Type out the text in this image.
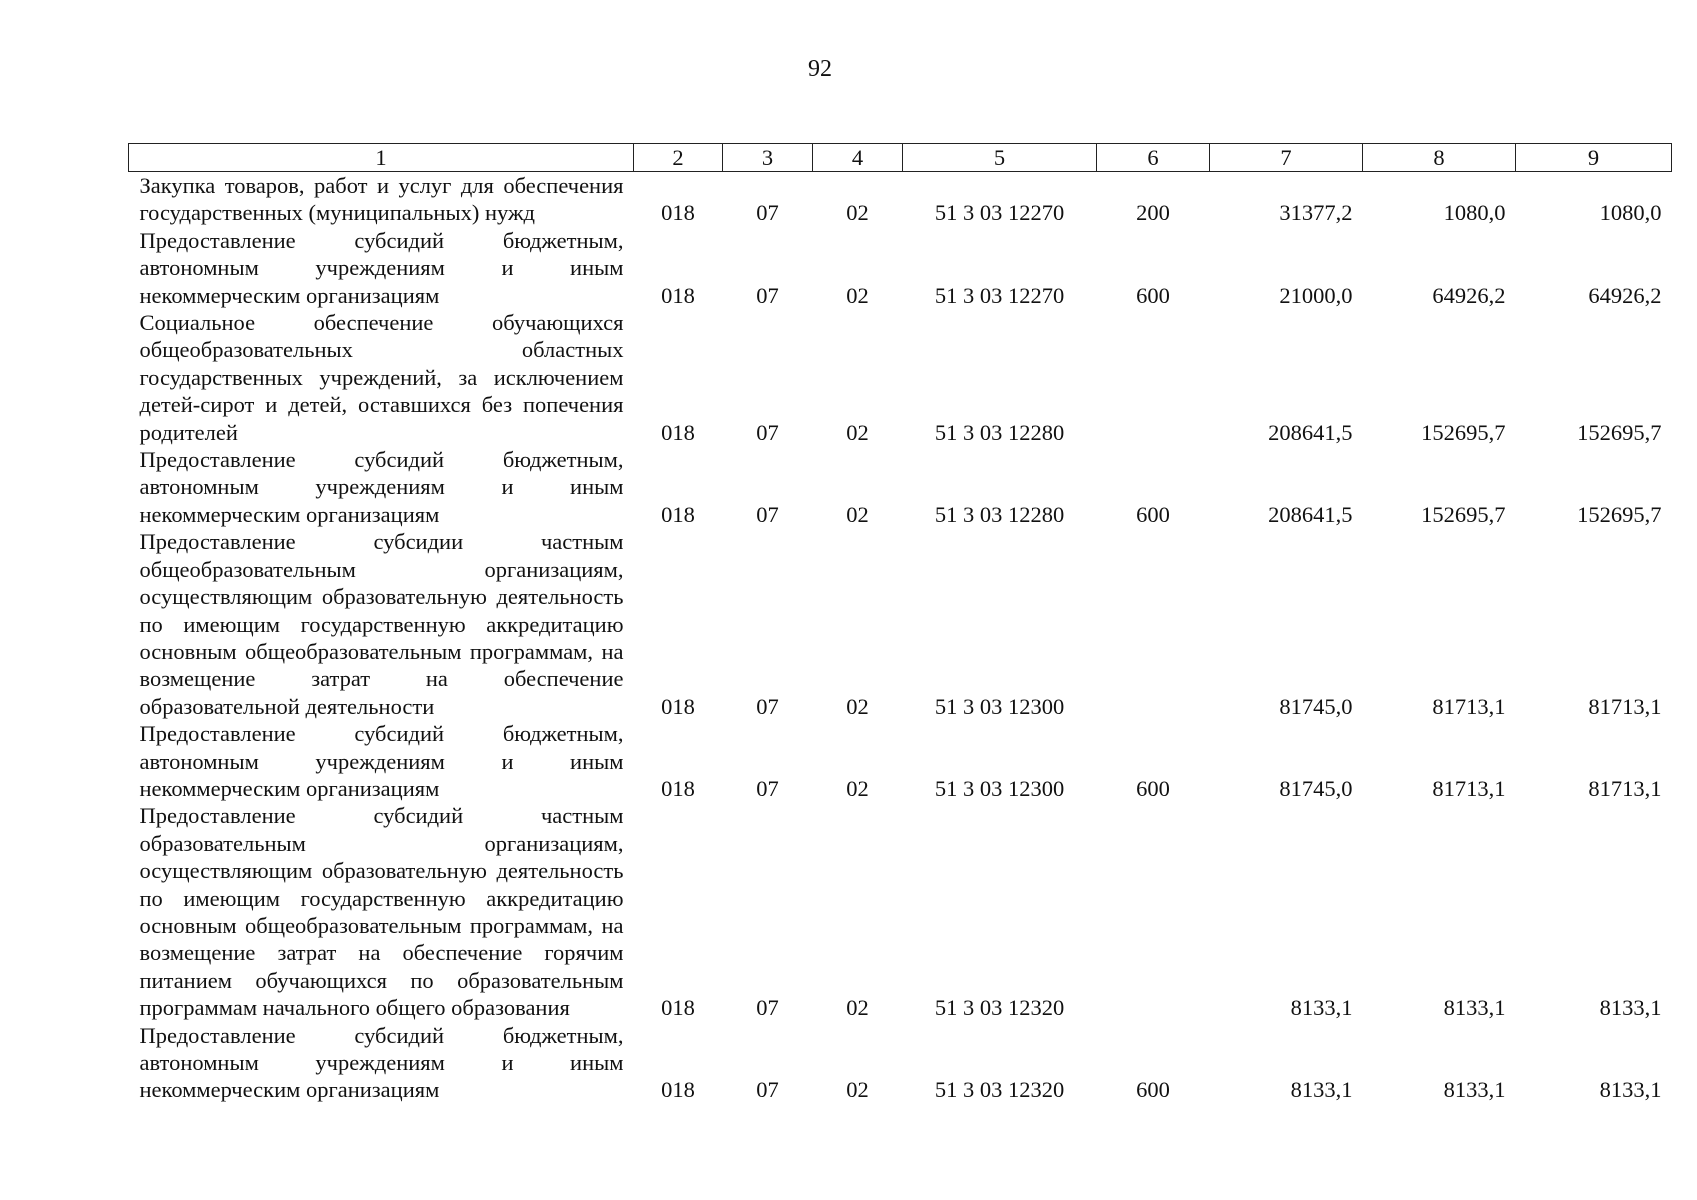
92
1	2	3	4	5	6	7	8	9
Закупка товаров, работ и услуг для обеспечения государственных (муниципальных) нужд	018	07	02	51 3 03 12270	200	31377,2	1080,0	1080,0
Предоставление субсидий бюджетным, автономным учреждениям и иным некоммерческим организациям	018	07	02	51 3 03 12270	600	21000,0	64926,2	64926,2
Социальное обеспечение обучающихся общеобразовательных областных государственных учреждений, за исключением детей-сирот и детей, оставшихся без попечения родителей	018	07	02	51 3 03 12280		208641,5	152695,7	152695,7
Предоставление субсидий бюджетным, автономным учреждениям и иным некоммерческим организациям	018	07	02	51 3 03 12280	600	208641,5	152695,7	152695,7
Предоставление субсидии частным общеобразовательным организациям, осуществляющим образовательную деятельность по имеющим государственную аккредитацию основным общеобразовательным программам, на возмещение затрат на обеспечение образовательной деятельности	018	07	02	51 3 03 12300		81745,0	81713,1	81713,1
Предоставление субсидий бюджетным, автономным учреждениям и иным некоммерческим организациям	018	07	02	51 3 03 12300	600	81745,0	81713,1	81713,1
Предоставление субсидий частным образовательным организациям, осуществляющим образовательную деятельность по имеющим государственную аккредитацию основным общеобразовательным программам, на возмещение затрат на обеспечение горячим питанием обучающихся по образовательным программам начального общего образования	018	07	02	51 3 03 12320		8133,1	8133,1	8133,1
Предоставление субсидий бюджетным, автономным учреждениям и иным некоммерческим организациям	018	07	02	51 3 03 12320	600	8133,1	8133,1	8133,1
